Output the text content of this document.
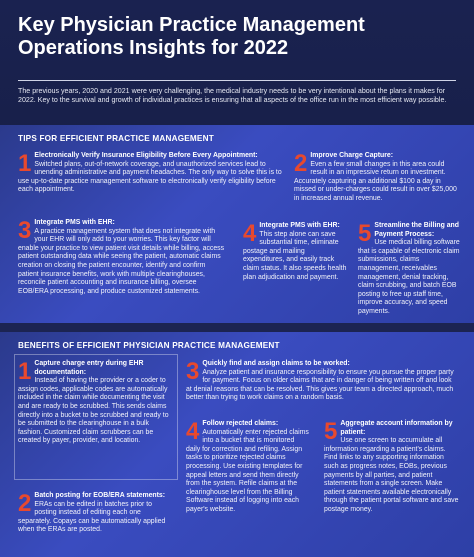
Key Physician Practice Management Operations Insights for 2022
The previous years, 2020 and 2021 were very challenging, the medical industry needs to be very intentional about the plans it makes for 2022. Key to the survival and growth of individual practices is ensuring that all aspects of the office run in the most efficient way possible.
TIPS FOR EFFICIENT PRACTICE MANAGEMENT
1 Electronically Verify Insurance Eligibility Before Every Appointment:
Switched plans, out-of-network coverage, and unauthorized services lead to unending administrative and payment headaches. The only way to solve this is to use up-to-date practice management software to electronically verify eligibility before each appointment.
2 Improve Charge Capture:
Even a few small changes in this area could result in an impressive return on investment. Accurately capturing an additional $100 a day in missed or under-charges could result in over $25,000 in increased annual revenue.
3 Integrate PMS with EHR:
A practice management system that does not integrate with your EHR will only add to your worries. This key factor will enable your practice to view patient visit details while billing, access patient outstanding data while seeing the patient, automatic claims creation on closing the patient encounter, identify and confirm patient insurance benefits, work with multiple clearinghouses, reconcile patient accounting and insurance billing, oversee EOB/ERA processing, and produce customized statements.
4 Integrate PMS with EHR:
This step alone can save substantial time, eliminate postage and mailing expenditures, and easily track claim status. It also speeds health plan adjudication and payment.
5 Streamline the Billing and Payment Process:
Use medical billing software that is capable of electronic claim submissions, claims management, receivables management, denial tracking, claim scrubbing, and batch EOB posting to free up staff time, improve accuracy, and speed payments.
BENEFITS OF EFFICIENT PHYSICIAN PRACTICE MANAGEMENT
1 Capture charge entry during EHR documentation:
Instead of having the provider or a coder to assign codes, applicable codes are automatically included in the claim while documenting the visit and are ready to be scrubbed. This sends claims directly into a bucket to be scrubbed and ready to be submitted to the clearinghouse in a bulk fashion. Customized claim scrubbers can be created by payer, provider, and location.
3 Quickly find and assign claims to be worked:
Analyze patient and insurance responsibility to ensure you pursue the proper party for payment. Focus on older claims that are in danger of being written off and look at denial reasons that can be resolved. This gives your team a directed approach, much better than trying to work claims on a random basis.
4 Follow rejected claims:
Automatically enter rejected claims into a bucket that is monitored daily for correction and refiling. Assign tasks to prioritize rejected claims processing. Use existing templates for appeal letters and send them directly from the system. Refile claims at the clearinghouse level from the Billing Software instead of logging into each payer's website.
5 Aggregate account information by patient:
Use one screen to accumulate all information regarding a patient's claims. Find links to any supporting information such as progress notes, EOBs, previous payments by all parties, and patient statements from a single screen. Make patient statements available electronically through the patient portal software and save postage money.
2 Batch posting for EOB/ERA statements:
ERAs can be edited in batches prior to posting instead of editing each one separately. Copays can be automatically applied when the ERAs are posted.
